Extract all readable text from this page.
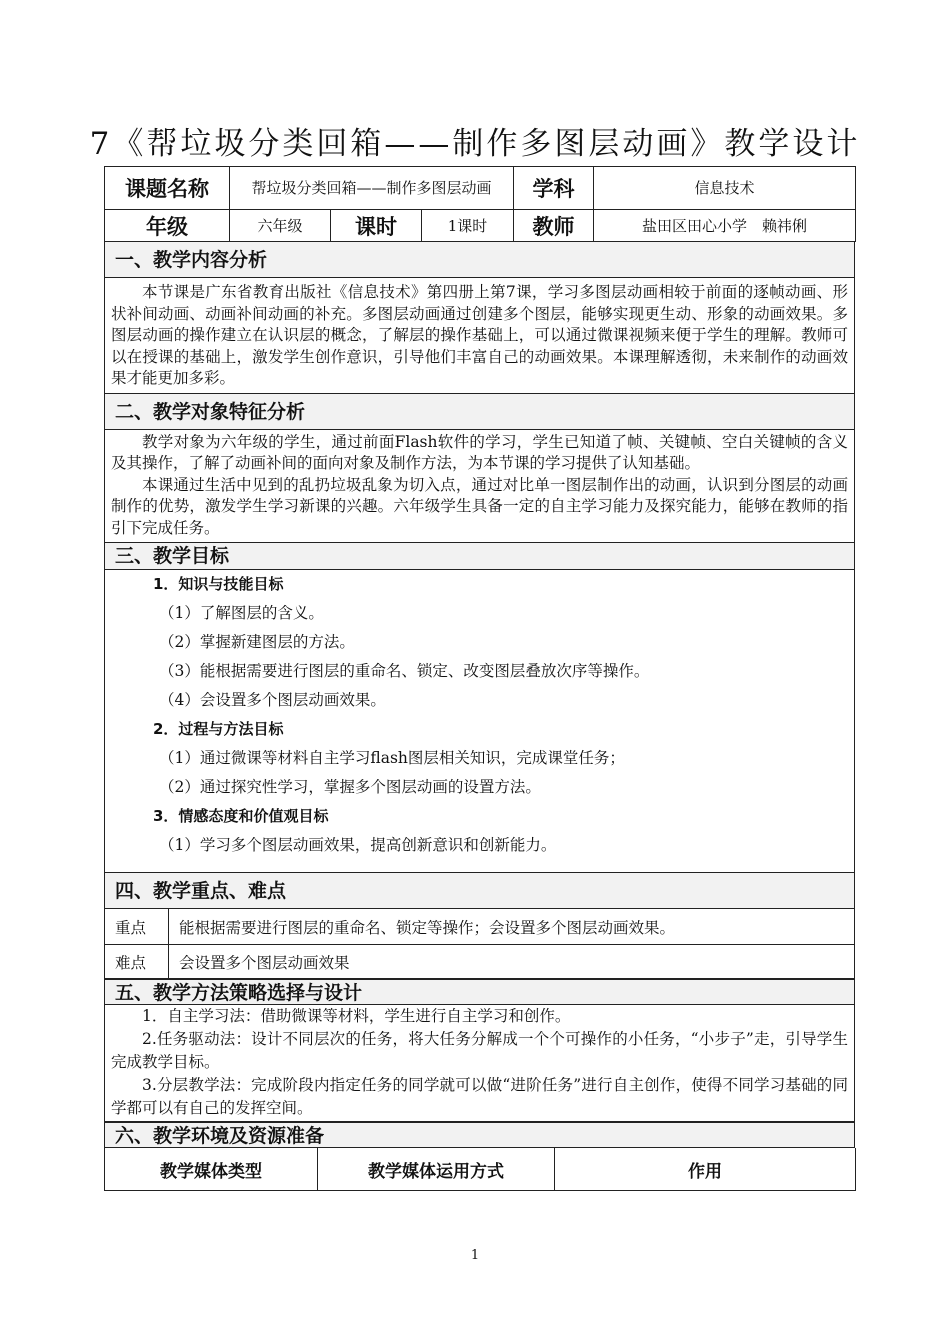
7《帮垃圾分类回箱——制作多图层动画》教学设计
课题名称	帮垃圾分类回箱——制作多图层动画		学科	信息技术
年级	六年级	课时 1课时	教师	盐田区田心小学　赖祎俐
一、教学内容分析
本节课是广东省教育出版社《信息技术》第四册上第7课，学习多图层动画相较于前面的逐帧动画、形状补间动画、动画补间动画的补充。多图层动画通过创建多个图层，能够实现更生动、形象的动画效果。多图层动画的操作建立在认识层的概念，了解层的操作基础上，可以通过微课视频来便于学生的理解。教师可以在授课的基础上，激发学生创作意识，引导他们丰富自己的动画效果。本课理解透彻，未来制作的动画效果才能更加多彩。
二、教学对象特征分析
教学对象为六年级的学生，通过前面Flash软件的学习，学生已知道了帧、关键帧、空白关键帧的含义及其操作，了解了动画补间的面向对象及制作方法，为本节课的学习提供了认知基础。
本课通过生活中见到的乱扔垃圾乱象为切入点，通过对比单一图层制作出的动画，认识到分图层的动画制作的优势，激发学生学习新课的兴趣。六年级学生具备一定的自主学习能力及探究能力，能够在教师的指引下完成任务。
三、教学目标
1．知识与技能目标
（1）了解图层的含义。
（2）掌握新建图层的方法。
（3）能根据需要进行图层的重命名、锁定、改变图层叠放次序等操作。
（4）会设置多个图层动画效果。
2．过程与方法目标
（1）通过微课等材料自主学习flash图层相关知识，完成课堂任务；
（2）通过探究性学习，掌握多个图层动画的设置方法。
3．情感态度和价值观目标
（1）学习多个图层动画效果，提高创新意识和创新能力。
四、教学重点、难点
重点	能根据需要进行图层的重命名、锁定等操作；会设置多个图层动画效果。
难点	会设置多个图层动画效果
五、教学方法策略选择与设计
1．自主学习法：借助微课等材料，学生进行自主学习和创作。
2.任务驱动法：设计不同层次的任务，将大任务分解成一个个可操作的小任务，“小步子”走，引导学生完成教学目标。
3.分层教学法：完成阶段内指定任务的同学就可以做“进阶任务”进行自主创作，使得不同学习基础的同学都可以有自己的发挥空间。
六、教学环境及资源准备
教学媒体类型	教学媒体运用方式	作用
1
